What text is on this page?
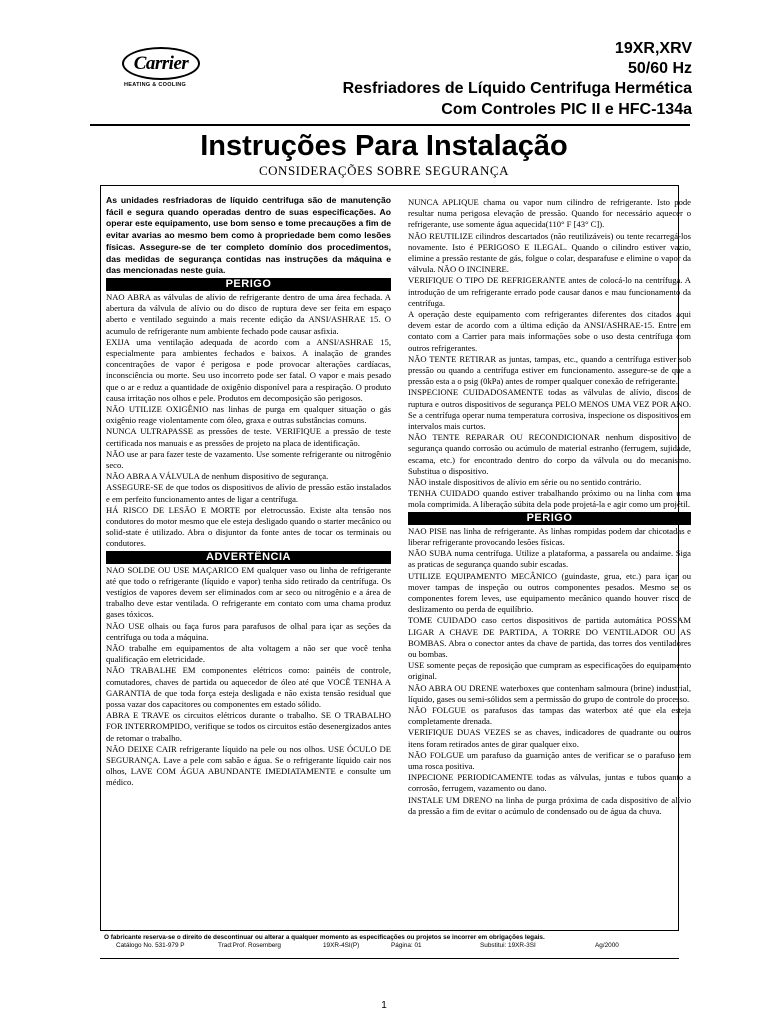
Carrier
HEATING & COOLING
19XR,XRV
50/60 Hz
Resfriadores de Líquido Centrifuga Hermética
Com Controles PIC II e HFC-134a
Instruções Para Instalação
CONSIDERAÇÕES SOBRE SEGURANÇA

As unidades resfriadoras de líquido centrifuga são de manutenção fácil e segura quando operadas dentro de suas especificações. Ao operar este equipamento, use bom senso e tome precauções a fim de evitar avarias ao mesmo bem como à propriedade bem como lesões físicas. Assegure-se de ter completo domínio dos procedimentos, das medidas de segurança contidas nas instruções da máquina e das mencionadas neste guia.

PERIGO

NAO ABRA as válvulas de alívio de refrigerante dentro de uma área fechada. A abertura da válvula de alívio ou do disco de ruptura deve ser feita em espaço aberto e ventilado seguindo a mais recente edição da ANSI/ASHRAE 15. O acumulo de refrigerante num ambiente fechado pode causar asfixia.

EXIJA uma ventilação adequada de acordo com a ANSI/ASHRAE 15, especialmente para ambientes fechados e baixos. A inalação de grandes concentrações de vapor é perigosa e pode provocar alterações cardíacas, inconsciência ou morte. Seu uso incorreto pode ser fatal. O vapor e mais pesado que o ar e reduz a quantidade de oxigênio disponível para a respiração. O produto causa irritação nos olhos e pele. Produtos em decomposição são perigosos.

NÃO UTILIZE OXIGÊNIO nas linhas de purga em qualquer situação o gás oxigênio reage violentamente com óleo, graxa e outras substâncias comuns.

NUNCA ULTRAPASSE as pressões de teste. VERIFIQUE a pressão de teste certificada nos manuais e as pressões de projeto na placa de identificação.

NÃO use ar para fazer teste de vazamento. Use somente refrigerante ou nitrogênio seco.

NÃO ABRA A VÁLVULA de nenhum dispositivo de segurança.

ASSEGURE-SE de que todos os dispositivos de alívio de pressão estão instalados e em perfeito funcionamento antes de ligar a centrífuga.

HÁ RISCO DE LESÃO E MORTE por eletrocussão. Existe alta tensão nos condutores do motor mesmo que ele esteja desligado quando o starter mecânico ou solid-state é utilizado. Abra o disjuntor da fonte antes de tocar os terminais ou condutores.

ADVERTÊNCIA

NAO SOLDE OU USE MAÇARICO EM qualquer vaso ou linha de refrigerante até que todo o refrigerante (líquido e vapor) tenha sido retirado da centrífuga. Os vestígios de vapores devem ser eliminados com ar seco ou nitrogênio e a área de trabalho deve estar ventilada. O refrigerante em contato com uma chama produz gases tóxicos.

NÃO USE olhais ou faça furos para parafusos de olhal para içar as seções da centrífuga ou toda a máquina.

NÃO trabalhe em equipamentos de alta voltagem a não ser que você tenha qualificação em eletricidade.

NÃO TRABALHE EM componentes elétricos como: painéis de controle, comutadores, chaves de partida ou aquecedor de óleo até que VOCÊ TENHA A GARANTIA de que toda força esteja desligada e não exista tensão residual que possa vazar dos capacitores ou componentes em estado sólido.

ABRA E TRAVE os circuitos elétricos durante o trabalho. SE O TRABALHO FOR INTERROMPIDO, verifique se todos os circuitos estão desenergizados antes de retomar o trabalho.

NÃO DEIXE CAIR refrigerante líquido na pele ou nos olhos. USE ÓCULO DE SEGURANÇA. Lave a pele com sabão e água. Se o refrigerante líquido cair nos olhos, LAVE COM ÁGUA ABUNDANTE IMEDIATAMENTE e consulte um médico.

NUNCA APLIQUE chama ou vapor num cilindro de refrigerante. Isto pode resultar numa perigosa elevação de pressão. Quando for necessário aquecer o refrigerante, use somente água aquecida(110° F [43° C]).

NÃO REUTILIZE cilindros descartados (não reutilizáveis) ou tente recarregá-los novamente. Isto é PERIGOSO E ILEGAL. Quando o cilindro estiver vazio, elimine a pressão restante de gás, folgue o colar, desparafuse e elimine o vapor da válvula. NÃO O INCINERE.

VERIFIQUE O TIPO DE REFRIGERANTE antes de colocá-lo na centrífuga. A introdução de um refrigerante errado pode causar danos e mau funcionamento da centrífuga.

A operação deste equipamento com refrigerantes diferentes dos citados aqui devem estar de acordo com a última edição da ANSI/ASHRAE-15. Entre em contato com a Carrier para mais informações sobe o uso desta centrífuga com outros refrigerantes.

NÃO TENTE RETIRAR as juntas, tampas, etc., quando a centrífuga estiver sob pressão ou quando a centrífuga estiver em funcionamento. assegure-se de que a pressão esta a o psig (0kPa) antes de romper qualquer conexão de refrigerante.

INSPECIONE CUIDADOSAMENTE todas as válvulas de alívio, discos de ruptura e outros dispositivos de segurança PELO MENOS UMA VEZ POR ANO. Se a centrífuga operar numa temperatura corrosiva, inspecione os dispositivos em intervalos mais curtos.

NÃO TENTE REPARAR OU RECONDICIONAR nenhum dispositivo de segurança quando corrosão ou acúmulo de material estranho (ferrugem, sujidade, escama, etc.) for encontrado dentro do corpo da válvula ou do mecanismo. Substitua o dispositivo.

NÃO instale dispositivos de alívio em série ou no sentido contrário.

TENHA CUIDADO quando estiver trabalhando próximo ou na linha com uma mola comprimida. A liberação súbita dela pode projetá-la e agir como um projétil.

PERIGO

NAO PISE nas linha de refrigerante. As linhas rompidas podem dar chicotadas e liberar refrigerante provocando lesões físicas.

NÃO SUBA numa centrífuga. Utilize a plataforma, a passarela ou andaime. Siga as praticas de segurança quando subir escadas.

UTILIZE EQUIPAMENTO MECÂNICO (guindaste, grua, etc.) para içar ou mover tampas de inspeção ou outros componentes pesados. Mesmo se os componentes forem leves, use equipamento mecânico quando houver risco de deslizamento ou perda de equilíbrio.

TOME CUIDADO caso certos dispositivos de partida automática POSSAM LIGAR A CHAVE DE PARTIDA, A TORRE DO VENTILADOR OU AS BOMBAS. Abra o conector antes da chave de partida, das torres dos ventiladores ou bombas.

USE somente peças de reposição que cumpram as especificações do equipamento original.

NÃO ABRA OU DRENE waterboxes que contenham salmoura (brine) industrial, líquido, gases ou semi-sólidos sem a permissão do grupo de controle do processo.

NÃO FOLGUE os parafusos das tampas das waterbox até que ela esteja completamente drenada.

VERIFIQUE DUAS VEZES se as chaves, indicadores de quadrante ou outros itens foram retirados antes de girar qualquer eixo.

NÃO FOLGUE um parafuso da guarnição antes de verificar se o parafuso tem uma rosca positiva.

INPECIONE PERIODICAMENTE todas as válvulas, juntas e tubos quanto a corrosão, ferrugem, vazamento ou dano.

INSTALE UM DRENO na linha de purga próxima de cada dispositivo de alívio da pressão a fim de evitar o acúmulo de condensado ou de água da chuva.

O fabricante reserva-se o direito de descontinuar ou alterar a qualquer momento as especificações ou projetos se incorrer em obrigações legais.
Catálogo No. 531-979 P	Trad:Prof. Rosemberg	19XR-4SI(P)	Página: 01	Substitui: 19XR-3SI	Ag/2000
1
